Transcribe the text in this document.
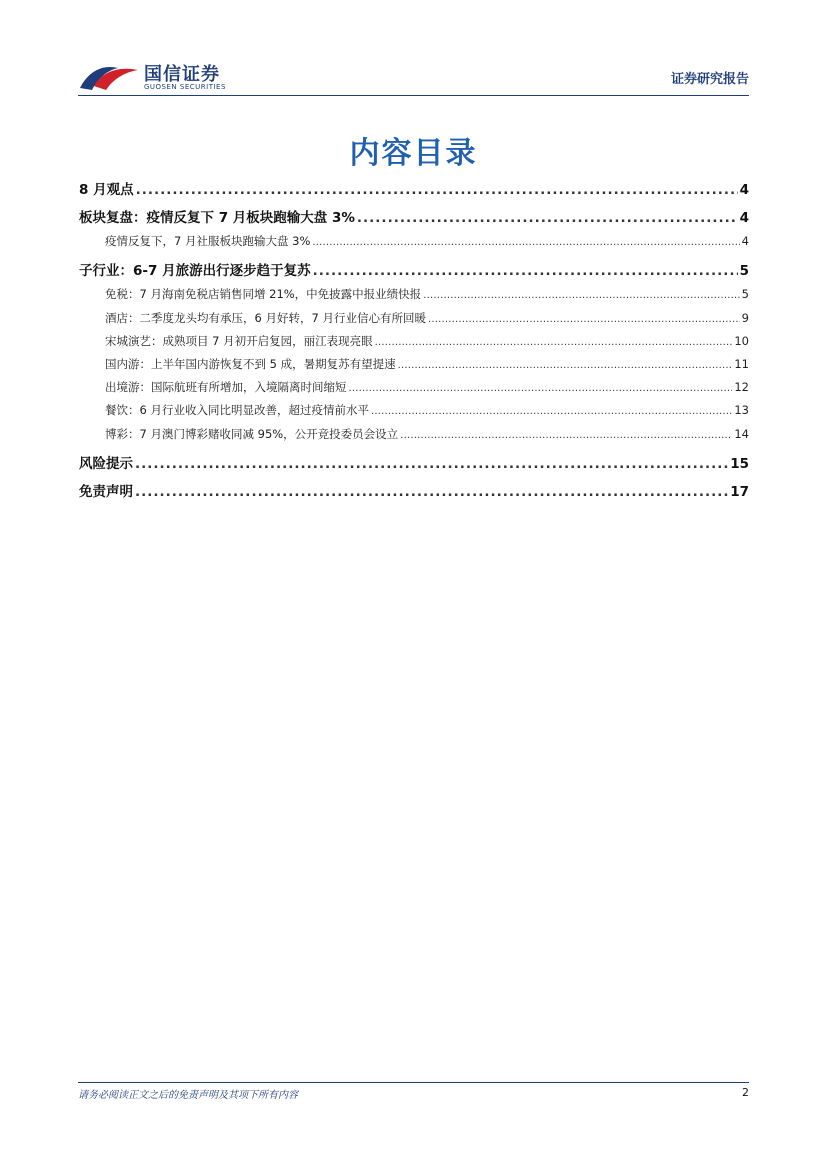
国信证券
GUOSEN SECURITIES	证券研究报告
内容目录
8 月观点 .....	4
板块复盘：疫情反复下 7 月板块跑输大盘 3% .....	4
疫情反复下，7 月社服板块跑输大盘 3% .....	4
子行业：6-7 月旅游出行逐步趋于复苏 .....	5
免税：7 月海南免税店销售同增 21%，中免披露中报业绩快报 .....	5
酒店：二季度龙头均有承压，6 月好转，7 月行业信心有所回暖 .....	9
宋城演艺：成熟项目 7 月初开启复园，丽江表现亮眼 .....	10
国内游：上半年国内游恢复不到 5 成，暑期复苏有望提速 .....	11
出境游：国际航班有所增加，入境隔离时间缩短 .....	12
餐饮：6 月行业收入同比明显改善，超过疫情前水平 .....	13
博彩：7 月澳门博彩赌收同减 95%，公开竞投委员会设立 .....	14
风险提示 .....	15
免责声明 .....	17
请务必阅读正文之后的免责声明及其项下所有内容	2
